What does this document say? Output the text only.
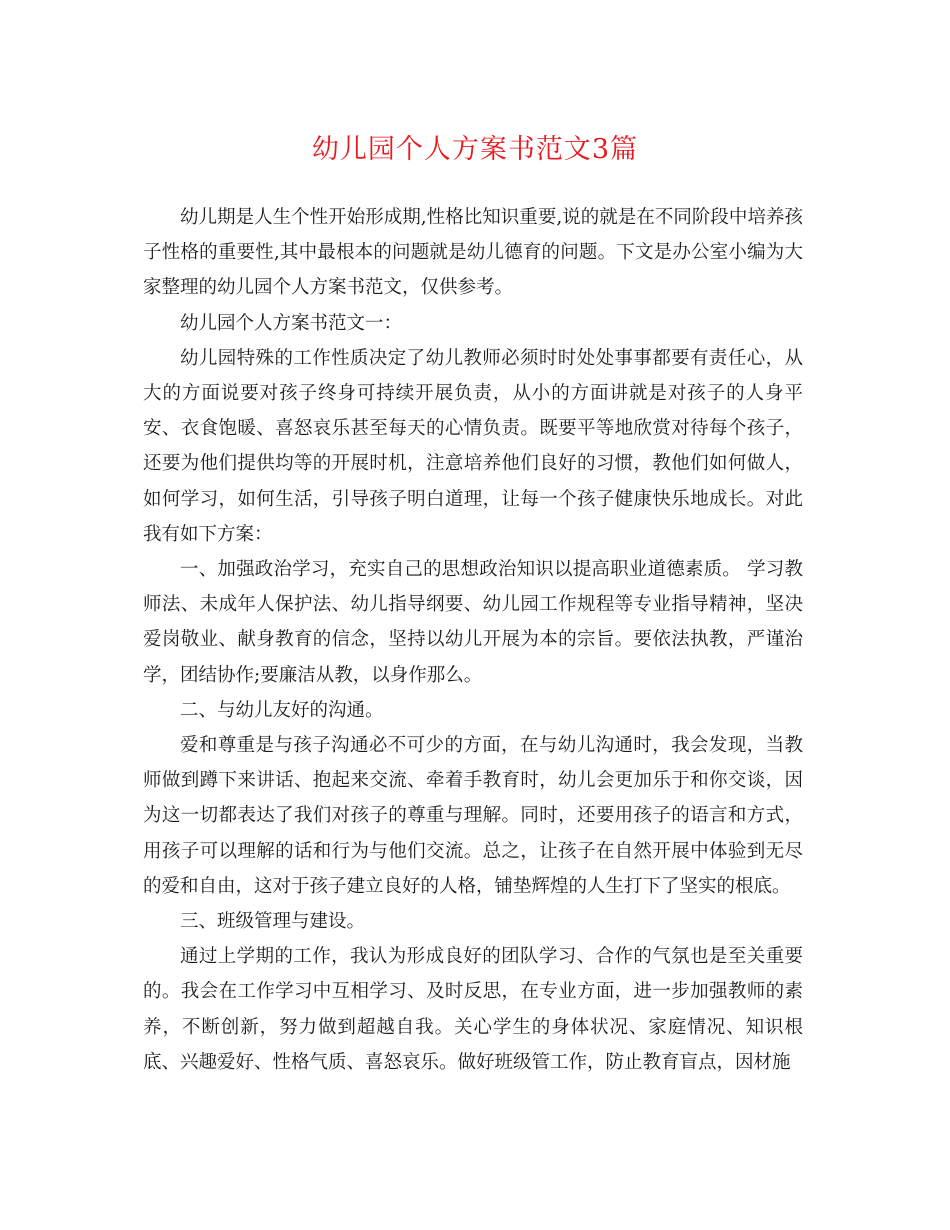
幼儿园个人方案书范文3篇

幼儿期是人生个性开始形成期,性格比知识重要,说的就是在不同阶段中培养孩子性格的重要性,其中最根本的问题就是幼儿德育的问题。下文是办公室小编为大家整理的幼儿园个人方案书范文，仅供参考。

幼儿园个人方案书范文一：

幼儿园特殊的工作性质决定了幼儿教师必须时时处处事事都要有责任心，从大的方面说要对孩子终身可持续开展负责，从小的方面讲就是对孩子的人身平安、衣食饱暖、喜怒哀乐甚至每天的心情负责。既要平等地欣赏对待每个孩子，还要为他们提供均等的开展时机，注意培养他们良好的习惯，教他们如何做人，如何学习，如何生活，引导孩子明白道理，让每一个孩子健康快乐地成长。对此我有如下方案：

一、加强政治学习，充实自己的思想政治知识以提高职业道德素质。 学习教师法、未成年人保护法、幼儿指导纲要、幼儿园工作规程等专业指导精神，坚决爱岗敬业、献身教育的信念，坚持以幼儿开展为本的宗旨。要依法执教，严谨治学，团结协作;要廉洁从教，以身作那么。

二、与幼儿友好的沟通。

爱和尊重是与孩子沟通必不可少的方面，在与幼儿沟通时，我会发现，当教师做到蹲下来讲话、抱起来交流、牵着手教育时，幼儿会更加乐于和你交谈，因为这一切都表达了我们对孩子的尊重与理解。同时，还要用孩子的语言和方式，用孩子可以理解的话和行为与他们交流。总之，让孩子在自然开展中体验到无尽的爱和自由，这对于孩子建立良好的人格，铺垫辉煌的人生打下了坚实的根底。

三、班级管理与建设。

通过上学期的工作，我认为形成良好的团队学习、合作的气氛也是至关重要的。我会在工作学习中互相学习、及时反思，在专业方面，进一步加强教师的素养，不断创新，努力做到超越自我。关心学生的身体状况、家庭情况、知识根底、兴趣爱好、性格气质、喜怒哀乐。做好班级管工作，防止教育盲点，因材施
